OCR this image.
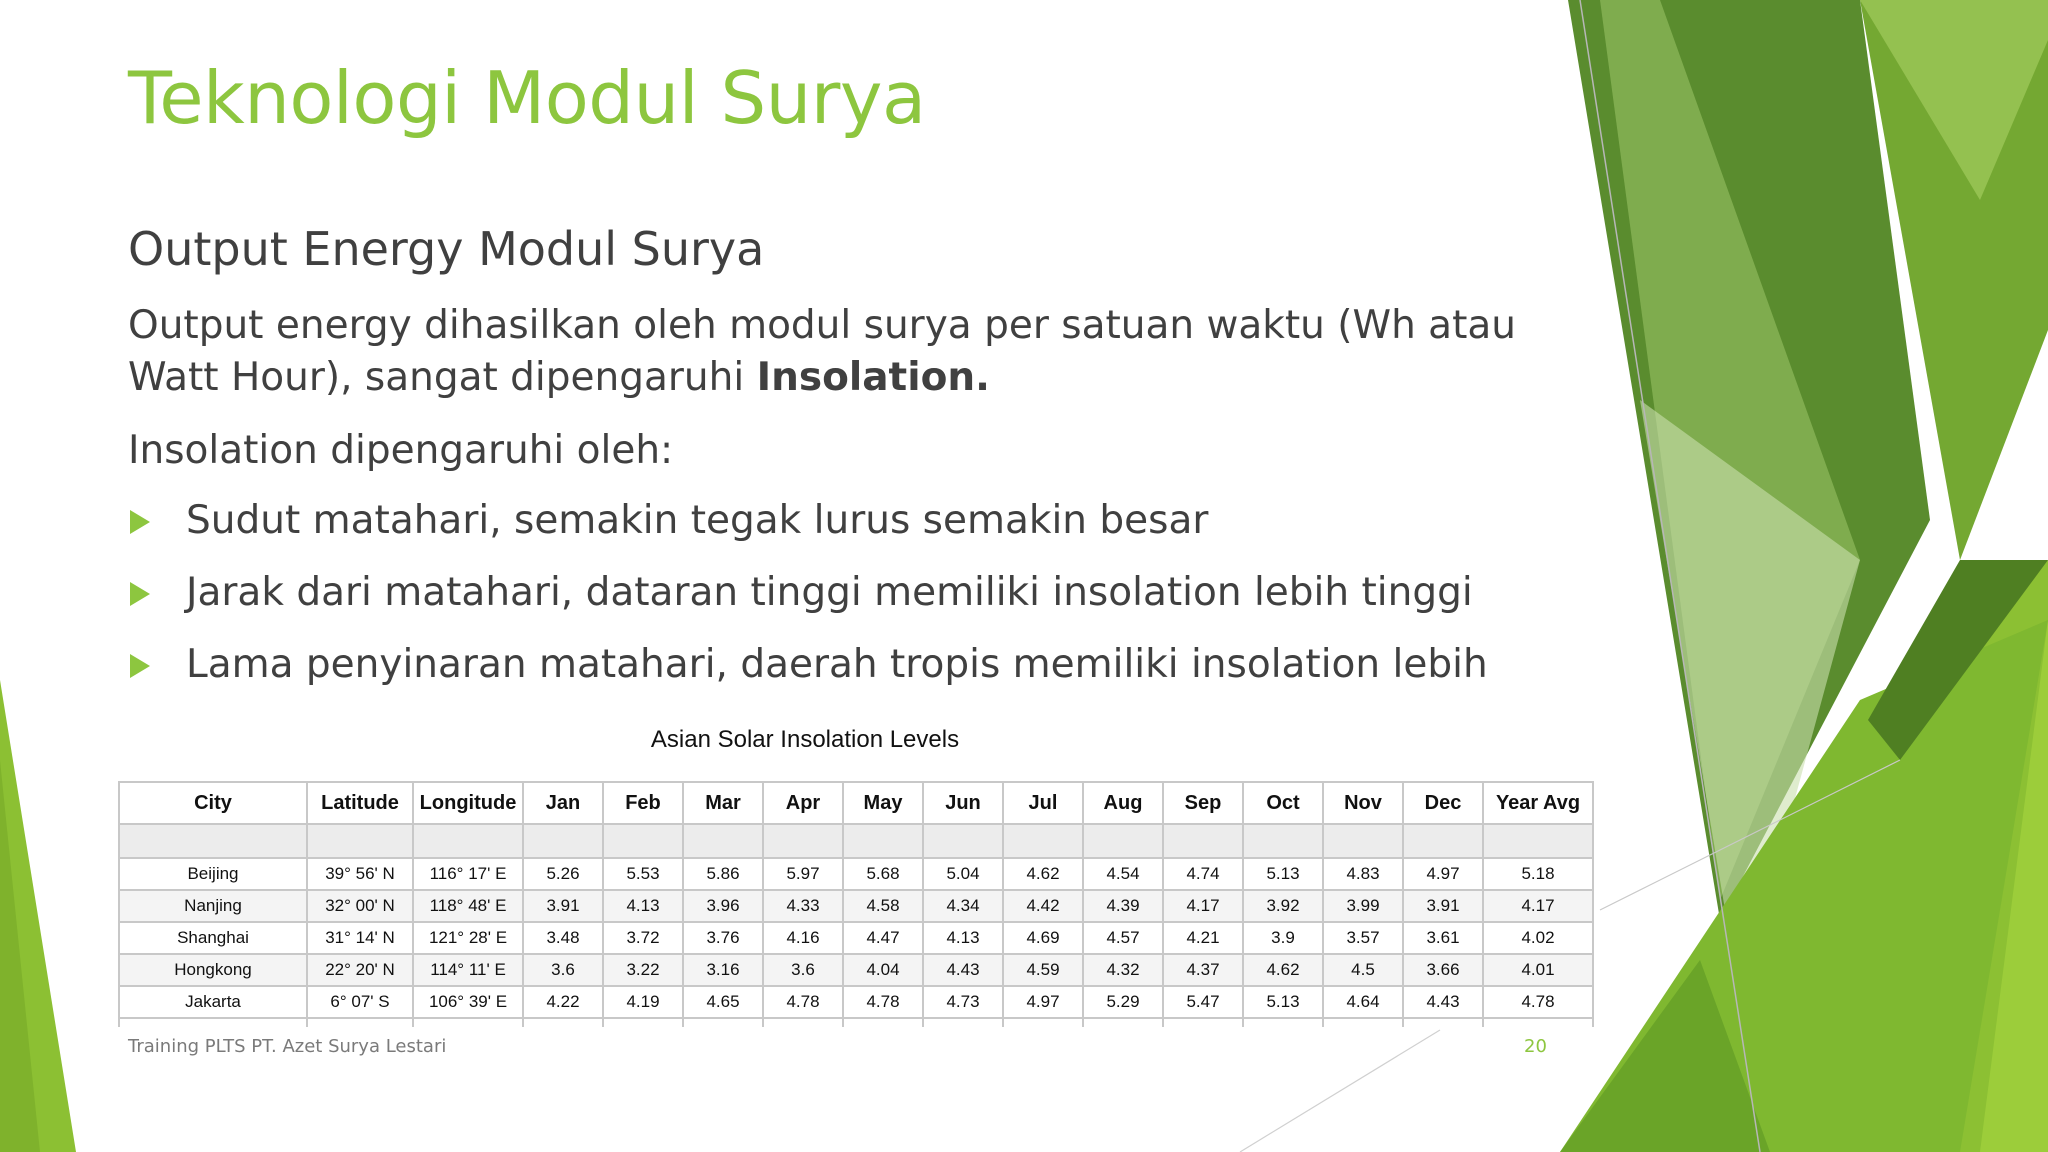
Teknologi Modul Surya
Output Energy Modul Surya
Output energy dihasilkan oleh modul surya per satuan waktu (Wh atau Watt Hour), sangat dipengaruhi Insolation.
Insolation dipengaruhi oleh:
Sudut matahari, semakin tegak lurus semakin besar
Jarak dari matahari, dataran tinggi memiliki insolation lebih tinggi
Lama penyinaran matahari, daerah tropis memiliki insolation lebih
Asian Solar Insolation Levels
City	Latitude	Longitude	Jan	Feb	Mar	Apr	May	Jun	Jul	Aug	Sep	Oct	Nov	Dec	Year Avg

Beijing	39° 56' N	116° 17' E	5.26	5.53	5.86	5.97	5.68	5.04	4.62	4.54	4.74	5.13	4.83	4.97	5.18
Nanjing	32° 00' N	118° 48' E	3.91	4.13	3.96	4.33	4.58	4.34	4.42	4.39	4.17	3.92	3.99	3.91	4.17
Shanghai	31° 14' N	121° 28' E	3.48	3.72	3.76	4.16	4.47	4.13	4.69	4.57	4.21	3.9	3.57	3.61	4.02
Hongkong	22° 20' N	114° 11' E	3.6	3.22	3.16	3.6	4.04	4.43	4.59	4.32	4.37	4.62	4.5	3.66	4.01
Jakarta	6° 07' S	106° 39' E	4.22	4.19	4.65	4.78	4.78	4.73	4.97	5.29	5.47	5.13	4.64	4.43	4.78

Training PLTS PT. Azet Surya Lestari	20
